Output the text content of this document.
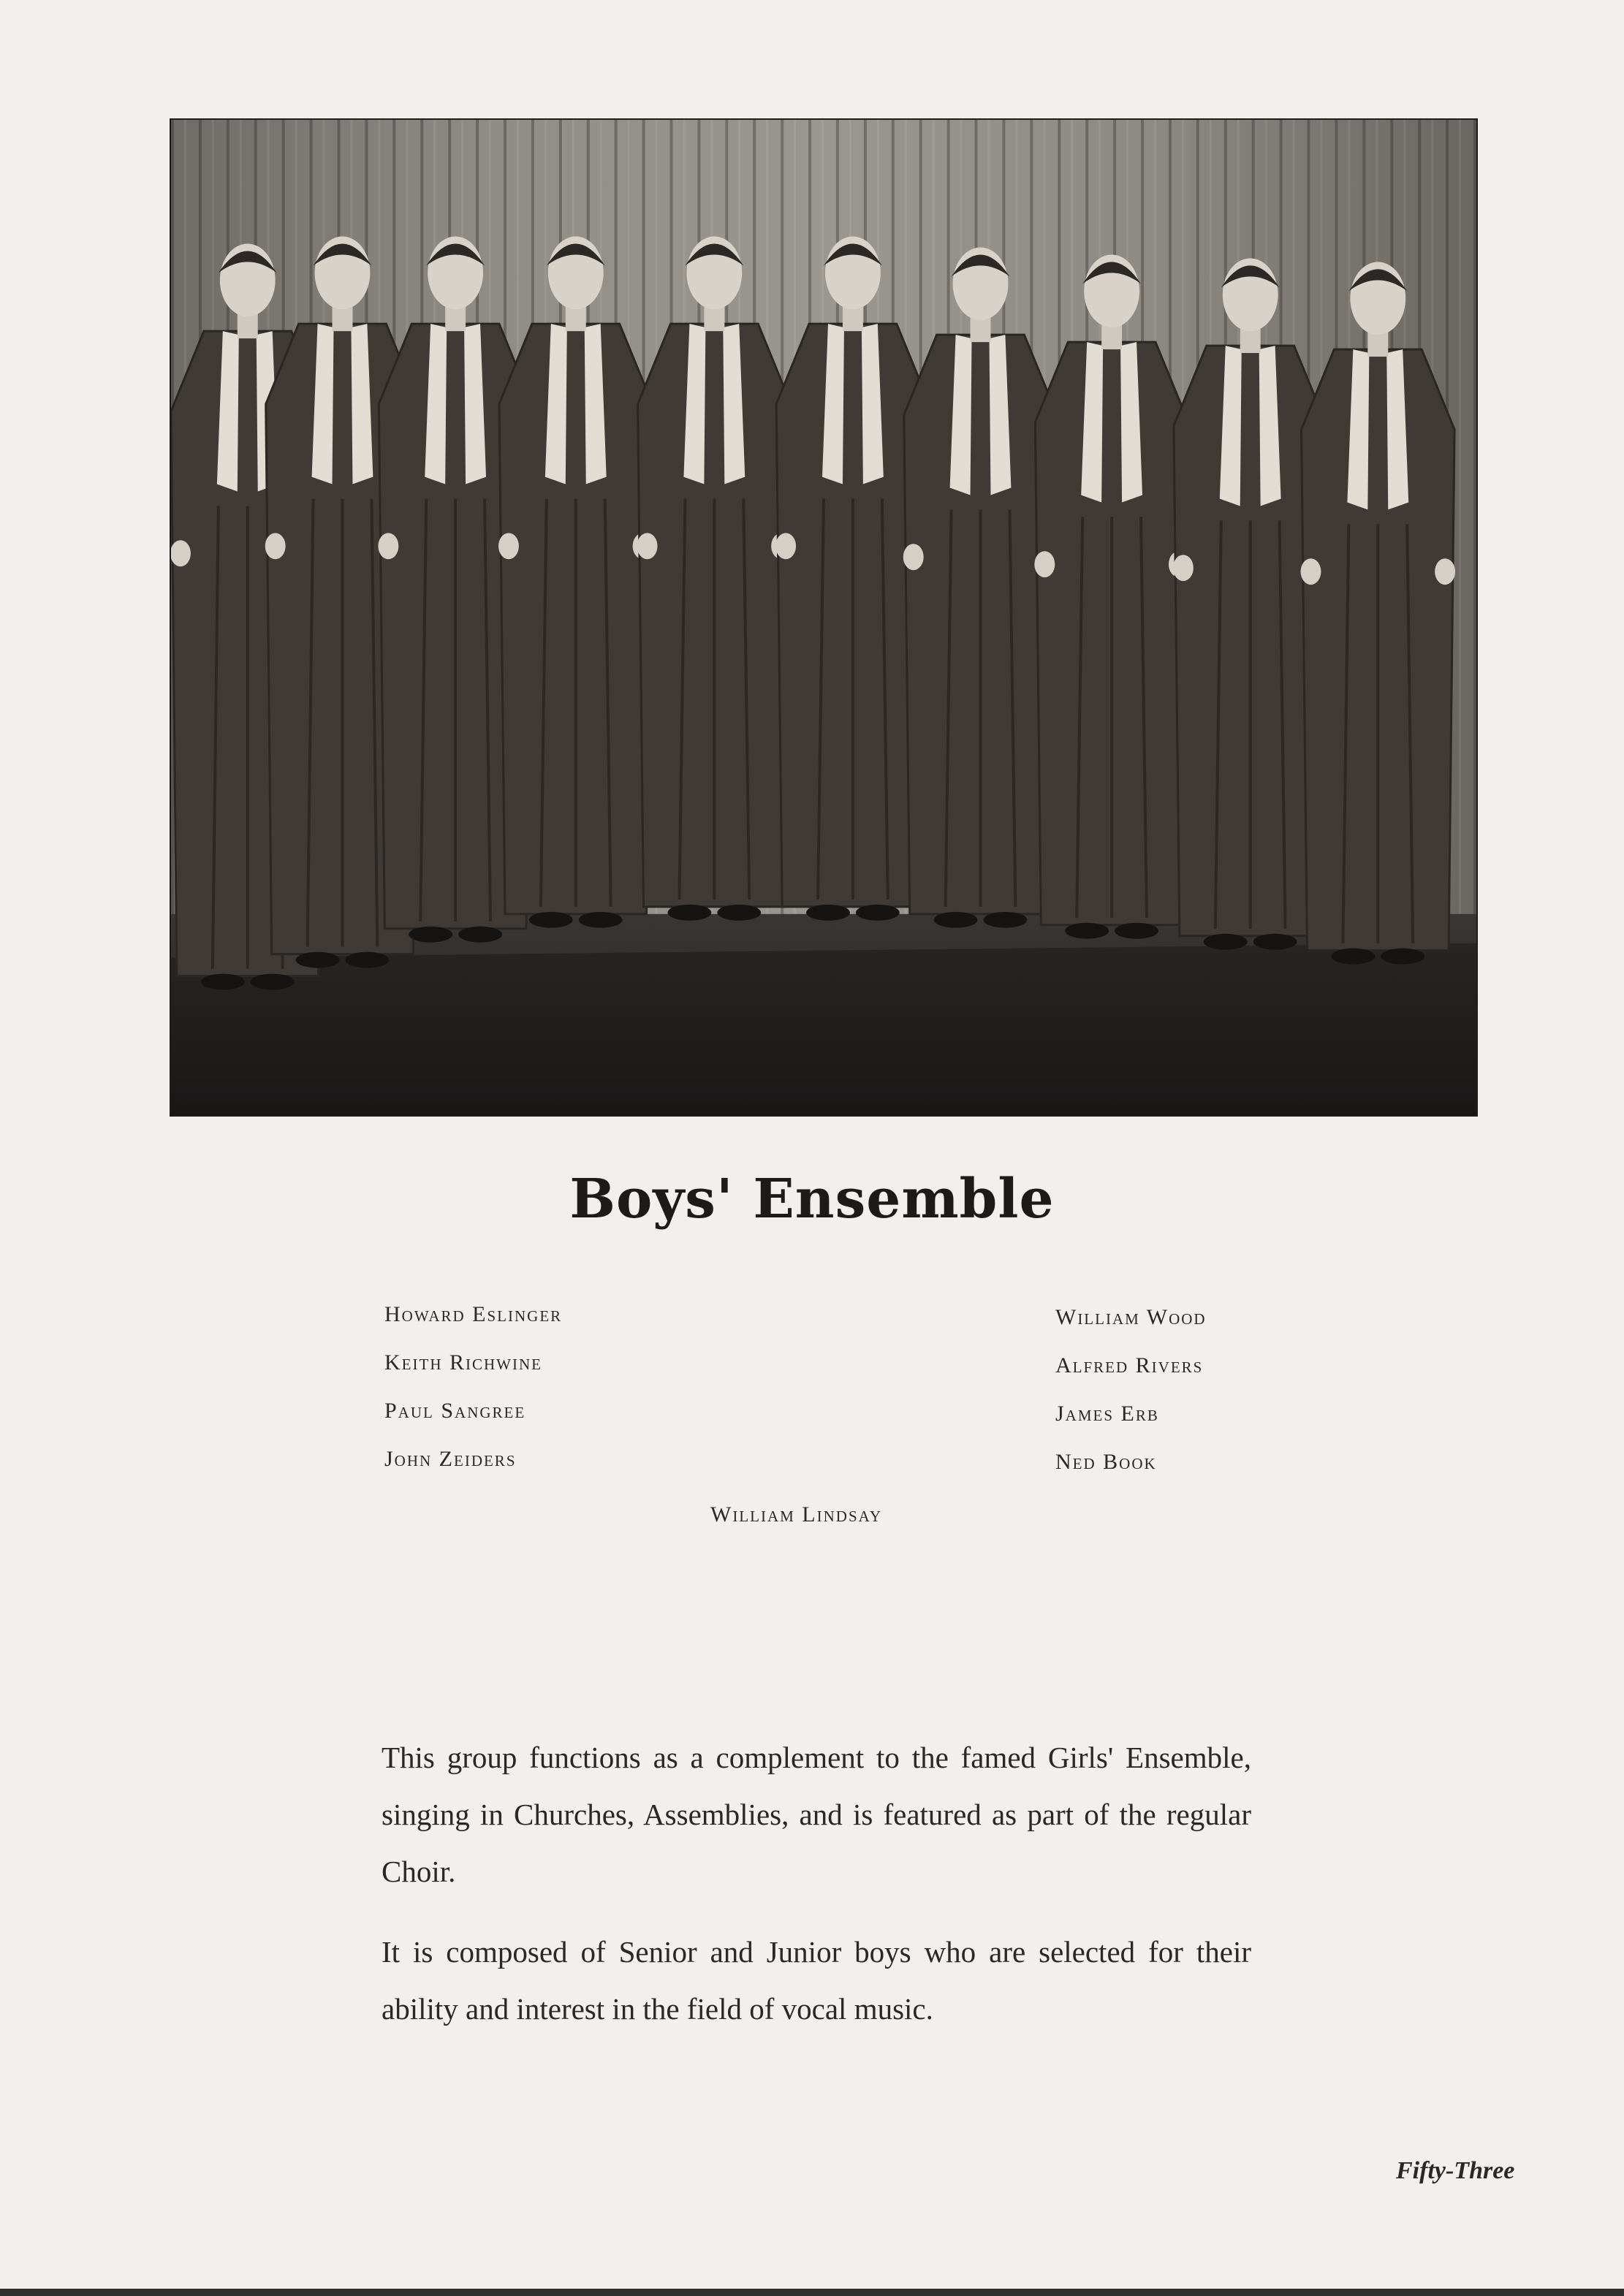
Boys' Ensemble
Howard Eslinger
Keith Richwine
Paul Sangree
John Zeiders
William Wood
Alfred Rivers
James Erb
Ned Book
William Lindsay

This group functions as a complement to the famed Girls' Ensemble, singing in Churches, Assemblies, and is featured as part of the regular Choir.

It is composed of Senior and Junior boys who are selected for their ability and interest in the field of vocal music.

Fifty-Three
